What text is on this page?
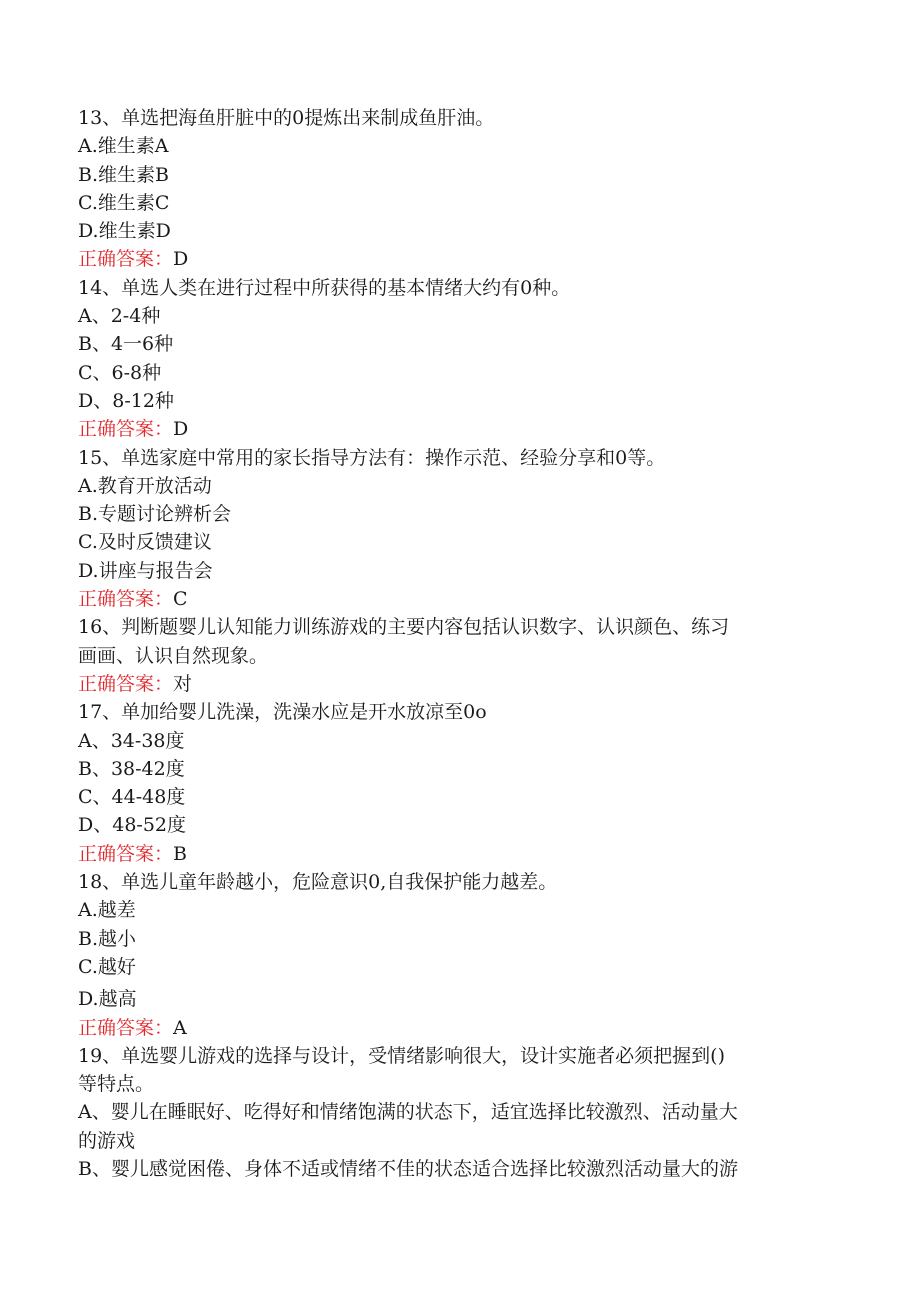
13、单选把海鱼肝脏中的0提炼出来制成鱼肝油。
A.维生素A
B.维生素B
C.维生素C
D.维生素D
正确答案：D
14、单选人类在进行过程中所获得的基本情绪大约有0种。
A、2-4种
B、4一6种
C、6-8种
D、8-12种
正确答案：D
15、单选家庭中常用的家长指导方法有：操作示范、经验分享和0等。
A.教育开放活动
B.专题讨论辨析会
C.及时反馈建议
D.讲座与报告会
正确答案：C
16、判断题婴儿认知能力训练游戏的主要内容包括认识数字、认识颜色、练习
画画、认识自然现象。
正确答案：对
17、单加给婴儿洗澡，洗澡水应是开水放凉至0o
A、34-38度
B、38-42度
C、44-48度
D、48-52度
正确答案：B
18、单选儿童年龄越小，危险意识0,自我保护能力越差。
A.越差
B.越小
C.越好
D.越高
正确答案：A
19、单选婴儿游戏的选择与设计，受情绪影响很大，设计实施者必须把握到()
等特点。
A、婴儿在睡眠好、吃得好和情绪饱满的状态下，适宜选择比较激烈、活动量大
的游戏
B、婴儿感觉困倦、身体不适或情绪不佳的状态适合选择比较激烈活动量大的游
